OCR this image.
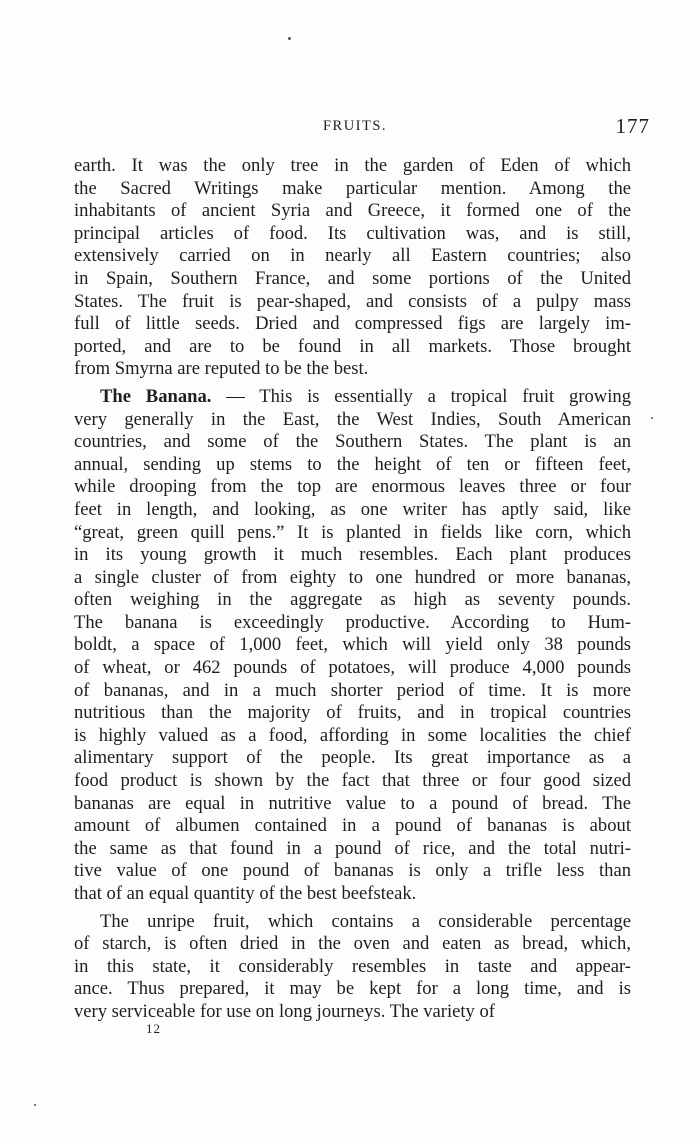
FRUITS.	177
earth. It was the only tree in the garden of Eden of which
the Sacred Writings make particular mention. Among the
inhabitants of ancient Syria and Greece, it formed one of the
principal articles of food. Its cultivation was, and is still,
extensively carried on in nearly all Eastern countries; also
in Spain, Southern France, and some portions of the United
States. The fruit is pear-shaped, and consists of a pulpy mass
full of little seeds. Dried and compressed figs are largely im-
ported, and are to be found in all markets. Those brought
from Smyrna are reputed to be the best.
The Banana. — This is essentially a tropical fruit growing
very generally in the East, the West Indies, South American
countries, and some of the Southern States. The plant is an
annual, sending up stems to the height of ten or fifteen feet,
while drooping from the top are enormous leaves three or four
feet in length, and looking, as one writer has aptly said, like
“great, green quill pens.” It is planted in fields like corn, which
in its young growth it much resembles. Each plant produces
a single cluster of from eighty to one hundred or more bananas,
often weighing in the aggregate as high as seventy pounds.
The banana is exceedingly productive. According to Hum-
boldt, a space of 1,000 feet, which will yield only 38 pounds
of wheat, or 462 pounds of potatoes, will produce 4,000 pounds
of bananas, and in a much shorter period of time. It is more
nutritious than the majority of fruits, and in tropical countries
is highly valued as a food, affording in some localities the chief
alimentary support of the people. Its great importance as a
food product is shown by the fact that three or four good sized
bananas are equal in nutritive value to a pound of bread. The
amount of albumen contained in a pound of bananas is about
the same as that found in a pound of rice, and the total nutri-
tive value of one pound of bananas is only a trifle less than
that of an equal quantity of the best beefsteak.
The unripe fruit, which contains a considerable percentage
of starch, is often dried in the oven and eaten as bread, which,
in this state, it considerably resembles in taste and appear-
ance. Thus prepared, it may be kept for a long time, and is
very serviceable for use on long journeys. The variety of
12
